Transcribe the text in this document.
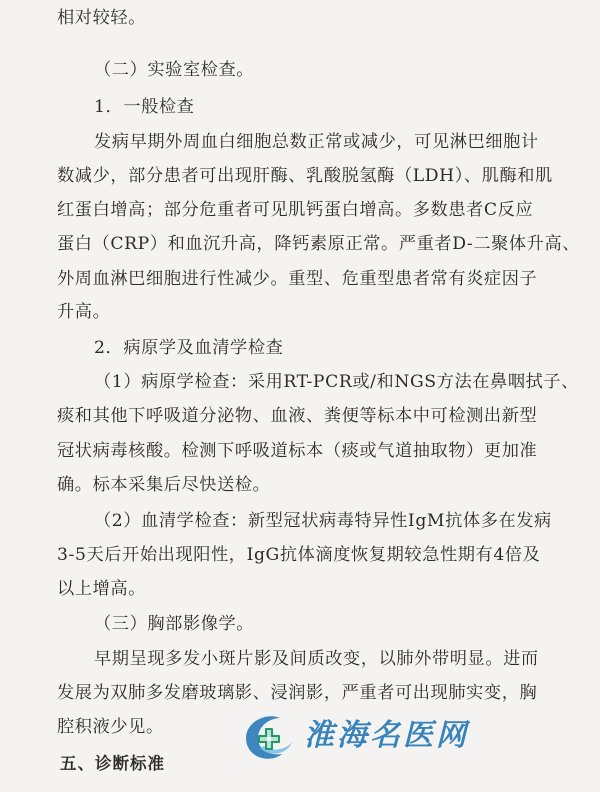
相对较轻。
（二）实验室检查。
1．一般检查
发病早期外周血白细胞总数正常或减少，可见淋巴细胞计
数减少，部分患者可出现肝酶、乳酸脱氢酶（LDH）、肌酶和肌
红蛋白增高；部分危重者可见肌钙蛋白增高。多数患者C反应
蛋白（CRP）和血沉升高，降钙素原正常。严重者D-二聚体升高、
外周血淋巴细胞进行性减少。重型、危重型患者常有炎症因子
升高。
2．病原学及血清学检查
（1）病原学检查：采用RT-PCR或/和NGS方法在鼻咽拭子、
痰和其他下呼吸道分泌物、血液、粪便等标本中可检测出新型
冠状病毒核酸。检测下呼吸道标本（痰或气道抽取物）更加准
确。标本采集后尽快送检。
（2）血清学检查：新型冠状病毒特异性IgM抗体多在发病
3-5天后开始出现阳性，IgG抗体滴度恢复期较急性期有4倍及
以上增高。
（三）胸部影像学。
早期呈现多发小斑片影及间质改变，以肺外带明显。进而
发展为双肺多发磨玻璃影、浸润影，严重者可出现肺实变，胸
腔积液少见。
五、诊断标准
淮海名医网
